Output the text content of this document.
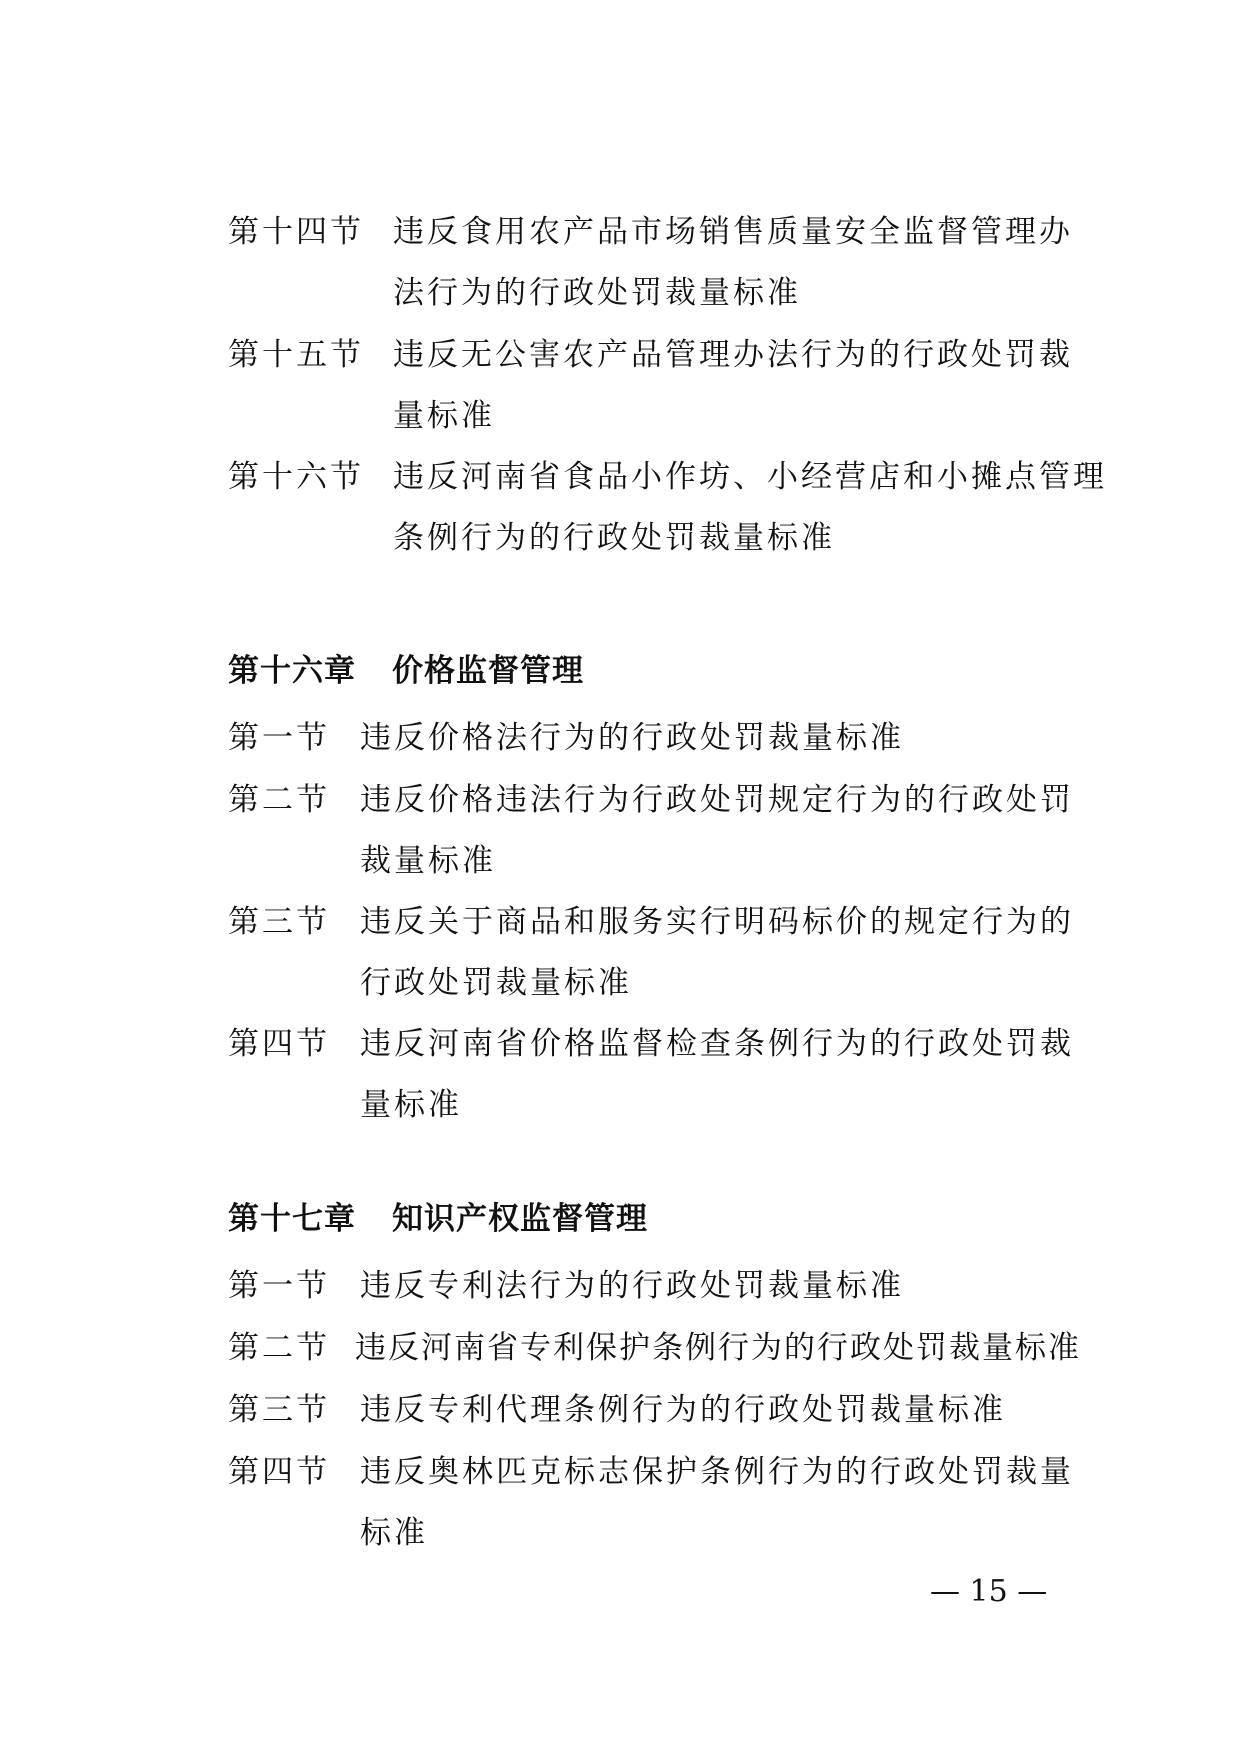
第十四节 违反食用农产品市场销售质量安全监督管理办
法行为的行政处罚裁量标准
第十五节 违反无公害农产品管理办法行为的行政处罚裁
量标准
第十六节 违反河南省食品小作坊、小经营店和小摊点管理
条例行为的行政处罚裁量标准
第十六章 价格监督管理
第一节 违反价格法行为的行政处罚裁量标准
第二节 违反价格违法行为行政处罚规定行为的行政处罚
裁量标准
第三节 违反关于商品和服务实行明码标价的规定行为的
行政处罚裁量标准
第四节 违反河南省价格监督检查条例行为的行政处罚裁
量标准
第十七章 知识产权监督管理
第一节 违反专利法行为的行政处罚裁量标准
第二节 违反河南省专利保护条例行为的行政处罚裁量标准
第三节 违反专利代理条例行为的行政处罚裁量标准
第四节 违反奥林匹克标志保护条例行为的行政处罚裁量
标准
— 15 —
